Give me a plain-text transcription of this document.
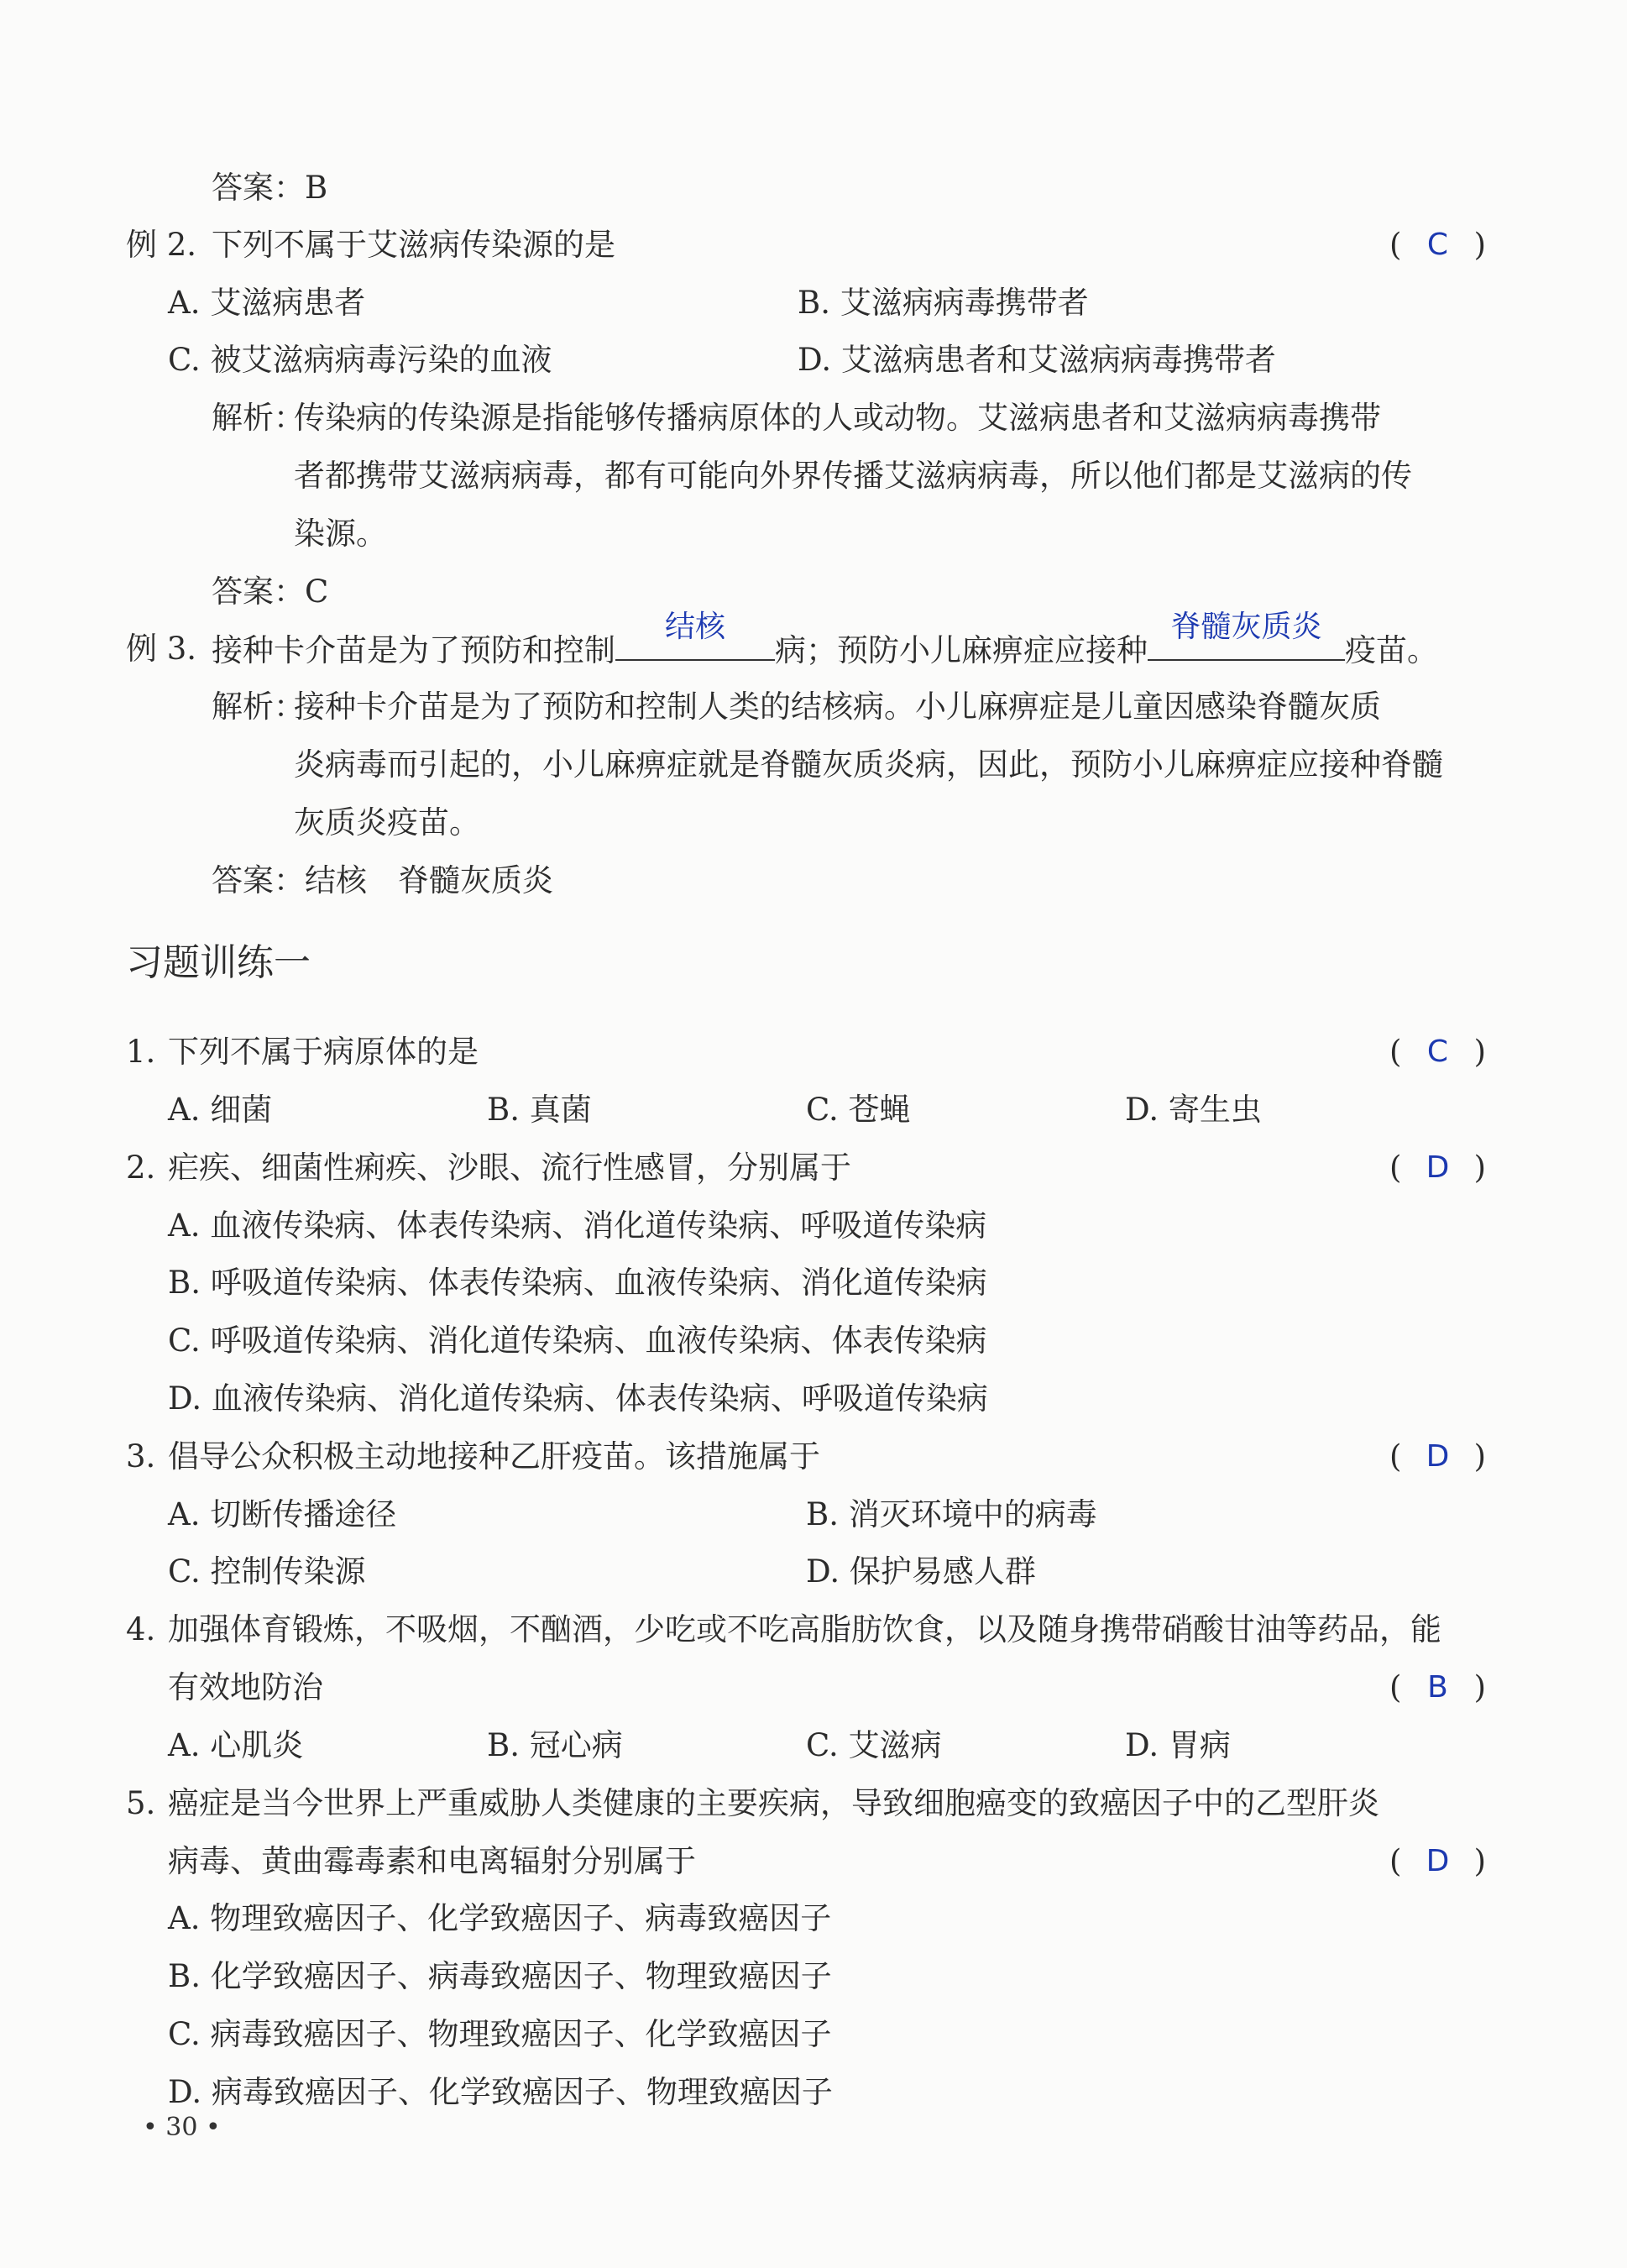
答案：B
例 2. 下列不属于艾滋病传染源的是	( C )
A. 艾滋病患者	B. 艾滋病病毒携带者
C. 被艾滋病病毒污染的血液	D. 艾滋病患者和艾滋病病毒携带者
解析：
传染病的传染源是指能够传播病原体的人或动物。艾滋病患者和艾滋病病毒携带
者都携带艾滋病病毒，都有可能向外界传播艾滋病病毒，所以他们都是艾滋病的传
染源。
答案：C
例 3. 接种卡介苗是为了预防和控制
结核
病；预防小儿麻痹症应接种
脊髓灰质炎
疫苗。
解析：
接种卡介苗是为了预防和控制人类的结核病。小儿麻痹症是儿童因感染脊髓灰质
炎病毒而引起的，小儿麻痹症就是脊髓灰质炎病，因此，预防小儿麻痹症应接种脊髓
灰质炎疫苗。
答案：结核　脊髓灰质炎
习题训练一
1. 下列不属于病原体的是	( C )
A. 细菌	B. 真菌	C. 苍蝇	D. 寄生虫
2. 疟疾、细菌性痢疾、沙眼、流行性感冒，分别属于	( D )
A. 血液传染病、体表传染病、消化道传染病、呼吸道传染病
B. 呼吸道传染病、体表传染病、血液传染病、消化道传染病
C. 呼吸道传染病、消化道传染病、血液传染病、体表传染病
D. 血液传染病、消化道传染病、体表传染病、呼吸道传染病
3. 倡导公众积极主动地接种乙肝疫苗。该措施属于	( D )
A. 切断传播途径	B. 消灭环境中的病毒
C. 控制传染源	D. 保护易感人群
4. 加强体育锻炼，不吸烟，不酗酒，少吃或不吃高脂肪饮食，以及随身携带硝酸甘油等药品，能
有效地防治	( B )
A. 心肌炎	B. 冠心病	C. 艾滋病	D. 胃病
5. 癌症是当今世界上严重威胁人类健康的主要疾病，导致细胞癌变的致癌因子中的乙型肝炎
病毒、黄曲霉毒素和电离辐射分别属于	( D )
A. 物理致癌因子、化学致癌因子、病毒致癌因子
B. 化学致癌因子、病毒致癌因子、物理致癌因子
C. 病毒致癌因子、物理致癌因子、化学致癌因子
D. 病毒致癌因子、化学致癌因子、物理致癌因子
• 30 •
